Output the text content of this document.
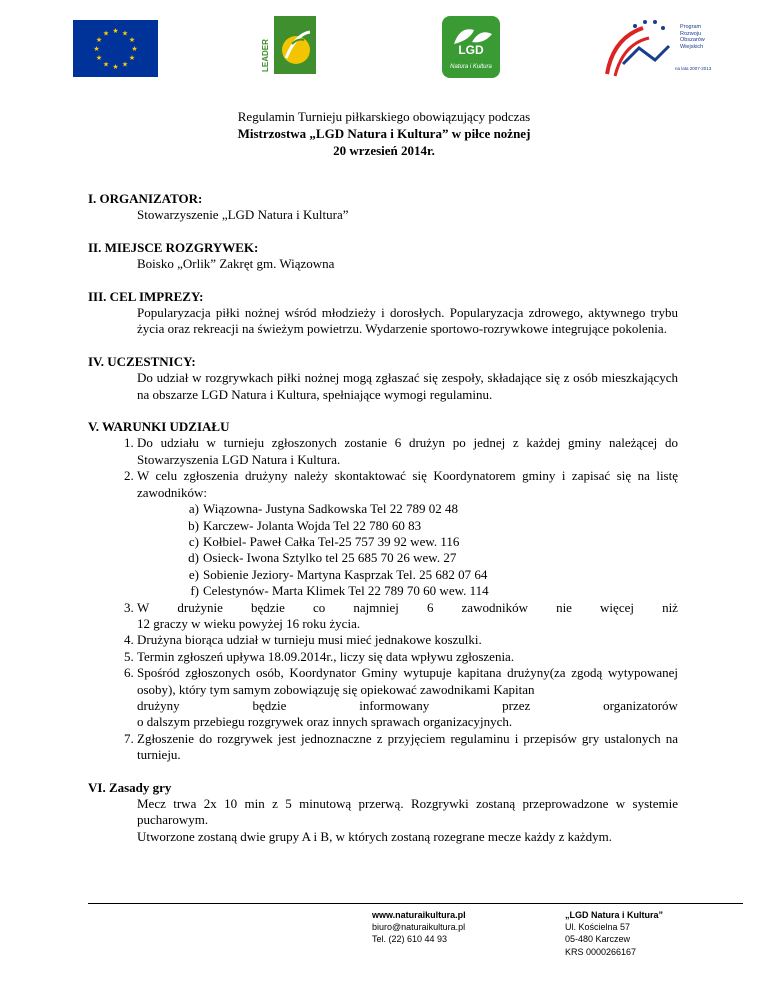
★ ★
★
★
★
★
★
★
★
★
★
★
LEADER	LGD
Natura i Kultura
Program
Rozwoju
Obszarów
Wiejskich
na lata 2007-2013
Regulamin Turnieju piłkarskiego obowiązujący podczas
Mistrzostwa „LGD Natura i Kultura” w piłce nożnej
20 wrzesień 2014r.

I. ORGANIZATOR:

Stowarzyszenie „LGD Natura i Kultura”

II. MIEJSCE ROZGRYWEK:

Boisko „Orlik” Zakręt gm. Wiązowna

III. CEL IMPREZY:

Popularyzacja piłki nożnej wśród młodzieży i dorosłych. Popularyzacja zdrowego, aktywnego trybu życia oraz rekreacji na świeżym powietrzu. Wydarzenie sportowo-rozrywkowe integrujące pokolenia.

IV. UCZESTNICY:

Do udział w rozgrywkach piłki nożnej mogą zgłaszać się zespoły, składające się z osób mieszkających na obszarze LGD Natura i Kultura, spełniające wymogi regulaminu.

V. WARUNKI UDZIAŁU

1. Do udziału w turnieju zgłoszonych zostanie 6 drużyn po jednej z każdej gminy należącej do Stowarzyszenia LGD Natura i Kultura.
2. W celu zgłoszenia drużyny należy skontaktować się Koordynatorem gminy i zapisać się na listę zawodników:
a) Wiązowna- Justyna Sadkowska Tel 22 789 02 48
b) Karczew- Jolanta Wojda Tel 22 780 60 83
c) Kołbiel- Paweł Całka Tel-25 757 39 92 wew. 116
d) Osieck- Iwona Sztylko tel 25 685 70 26 wew. 27
e) Sobienie Jeziory- Martyna Kasprzak Tel. 25 682 07 64
f) Celestynów- Marta Klimek Tel 22 789 70 60 wew. 114
3. W drużynie będzie co najmniej 6 zawodników nie więcej niż
12 graczy w wieku powyżej 16 roku życia.
4. Drużyna biorąca udział w turnieju musi mieć jednakowe koszulki.
5. Termin zgłoszeń upływa 18.09.2014r., liczy się data wpływu zgłoszenia.
6. Spośród zgłoszonych osób, Koordynator Gminy wytupuje kapitana drużyny(za zgodą wytypowanej osoby), który tym samym zobowiązuję się opiekować zawodnikami Kapitan
drużyny	będzie	informowany	przez	organizatorów
o dalszym przebiegu rozgrywek oraz innych sprawach organizacyjnych.
7. Zgłoszenie do rozgrywek jest jednoznaczne z przyjęciem regulaminu i przepisów gry ustalonych na turnieju.

VI. Zasady gry

Mecz trwa 2x 10 min z 5 minutową przerwą. Rozgrywki zostaną przeprowadzone w systemie pucharowym.
Utworzone zostaną dwie grupy A i B, w których zostaną rozegrane mecze każdy z każdym.
www.naturaikultura.pl
biuro@naturaikultura.pl
Tel. (22) 610 44 93
„LGD Natura i Kultura”
Ul. Kościelna 57
05-480 Karczew
KRS 0000266167
